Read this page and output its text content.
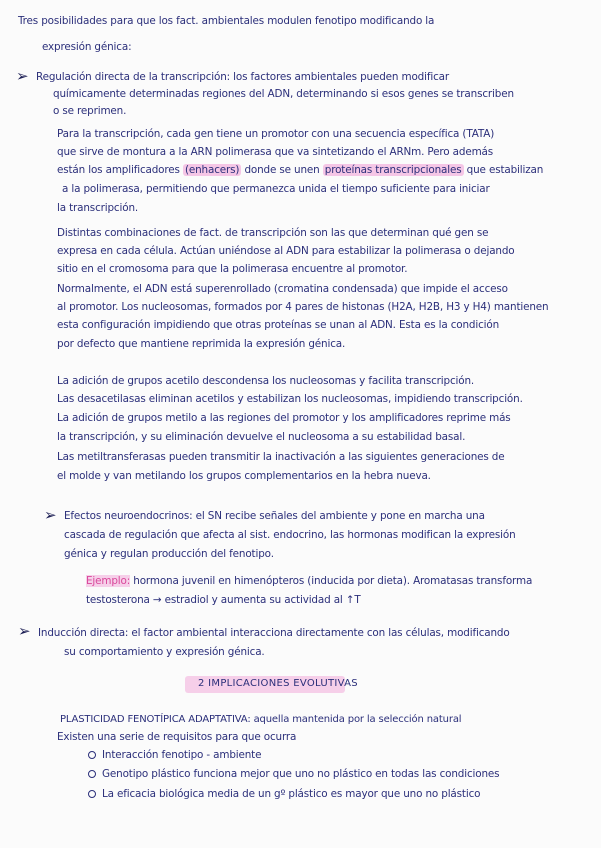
Tres posibilidades para que los fact. ambientales modulen fenotipo modificando la
expresión génica:
➢ Regulación directa de la transcripción: los factores ambientales pueden modificar
químicamente determinadas regiones del ADN, determinando si esos genes se transcriben
o se reprimen.
Para la transcripción, cada gen tiene un promotor con una secuencia específica (TATA)
que sirve de montura a la ARN polimerasa que va sintetizando el ARNm. Pero además
están los amplificadores (enhacers) donde se unen proteínas transcripcionales que estabilizan
a la polimerasa, permitiendo que permanezca unida el tiempo suficiente para iniciar
la transcripción.
Distintas combinaciones de fact. de transcripción son las que determinan qué gen se
expresa en cada célula. Actúan uniéndose al ADN para estabilizar la polimerasa o dejando
sitio en el cromosoma para que la polimerasa encuentre al promotor.
Normalmente, el ADN está superenrollado (cromatina condensada) que impide el acceso
al promotor. Los nucleosomas, formados por 4 pares de histonas (H2A, H2B, H3 y H4) mantienen
esta configuración impidiendo que otras proteínas se unan al ADN. Esta es la condición
por defecto que mantiene reprimida la expresión génica.
La adición de grupos acetilo descondensa los nucleosomas y facilita transcripción.
Las desacetilasas eliminan acetilos y estabilizan los nucleosomas, impidiendo transcripción.
La adición de grupos metilo a las regiones del promotor y los amplificadores reprime más
la transcripción, y su eliminación devuelve el nucleosoma a su estabilidad basal.
Las metiltransferasas pueden transmitir la inactivación a las siguientes generaciones de
el molde y van metilando los grupos complementarios en la hebra nueva.
➢ Efectos neuroendocrinos: el SN recibe señales del ambiente y pone en marcha una
cascada de regulación que afecta al sist. endocrino, las hormonas modifican la expresión
génica y regulan producción del fenotipo.
Ejemplo: hormona juvenil en himenópteros (inducida por dieta). Aromatasas transforma
testosterona → estradiol y aumenta su actividad al ↑T
➢ Inducción directa: el factor ambiental interacciona directamente con las células, modificando
su comportamiento y expresión génica.
2 IMPLICACIONES EVOLUTIVAS
PLASTICIDAD FENOTÍPICA ADAPTATIVA: aquella mantenida por la selección natural
Existen una serie de requisitos para que ocurra
Interacción fenotipo - ambiente
Genotipo plástico funciona mejor que uno no plástico en todas las condiciones
La eficacia biológica media de un gº plástico es mayor que uno no plástico
